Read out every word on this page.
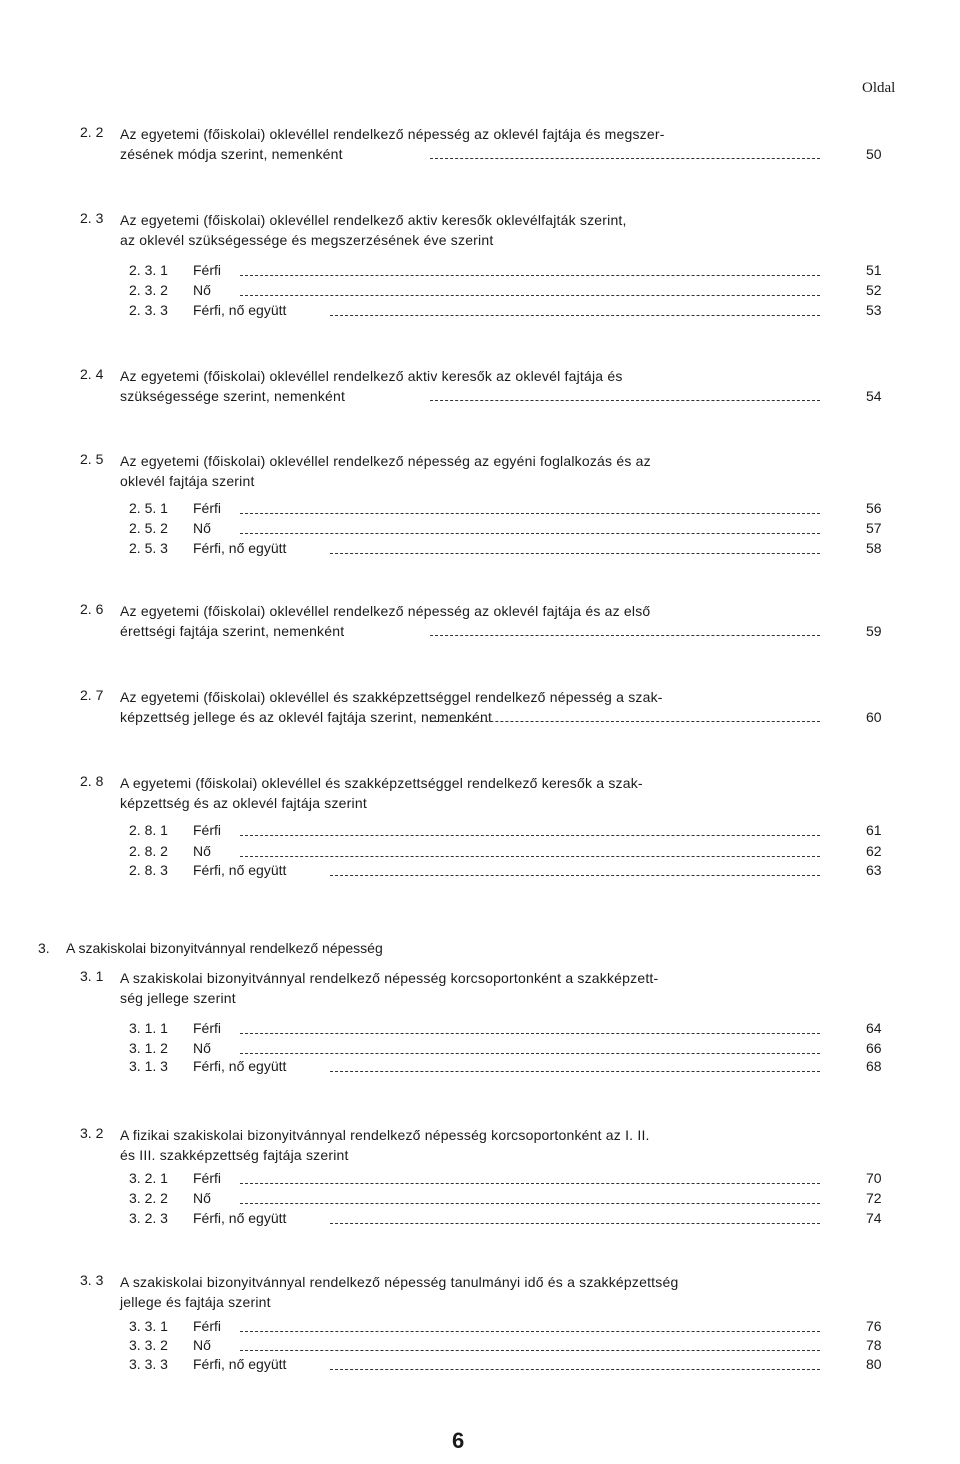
Oldal
2. 2 Az egyetemi (főiskolai) oklevéllel rendelkező népesség az oklevél fajtája és megszer-
zésének módja szerint, nemenként	50
2. 3 Az egyetemi (főiskolai) oklevéllel rendelkező aktiv keresők oklevélfajták szerint,
az oklevél szükségessége és megszerzésének éve szerint
2. 3. 1 Férfi	51
2. 3. 2 Nő	52
2. 3. 3 Férfi, nő együtt	53
2. 4 Az egyetemi (főiskolai) oklevéllel rendelkező aktiv keresők az oklevél fajtája és
szükségessége szerint, nemenként	54
2. 5 Az egyetemi (főiskolai) oklevéllel rendelkező népesség az egyéni foglalkozás és az
oklevél fajtája szerint
2. 5. 1 Férfi	56
2. 5. 2 Nő	57
2. 5. 3 Férfi, nő együtt	58
2. 6 Az egyetemi (főiskolai) oklevéllel rendelkező népesség az oklevél fajtája és az első
érettségi fajtája szerint, nemenként	59
2. 7 Az egyetemi (főiskolai) oklevéllel és szakképzettséggel rendelkező népesség a szak-
képzettség jellege és az oklevél fajtája szerint, nemenként	60
2. 8 A egyetemi (főiskolai) oklevéllel és szakképzettséggel rendelkező keresők a szak-
képzettség és az oklevél fajtája szerint
2. 8. 1 Férfi	61
2. 8. 2 Nő	62
2. 8. 3 Férfi, nő együtt	63
3. A szakiskolai bizonyitvánnyal rendelkező népesség
3. 1 A szakiskolai bizonyitvánnyal rendelkező népesség korcsoportonként a szakképzett-
ség jellege szerint
3. 1. 1 Férfi	64
3. 1. 2 Nő	66
3. 1. 3 Férfi, nő együtt	68
3. 2 A fizikai szakiskolai bizonyitvánnyal rendelkező népesség korcsoportonként az I. II.
és III. szakképzettség fajtája szerint
3. 2. 1 Férfi	70
3. 2. 2 Nő	72
3. 2. 3 Férfi, nő együtt	74
3. 3 A szakiskolai bizonyitvánnyal rendelkező népesség tanulmányi idő és a szakképzettség
jellege és fajtája szerint
3. 3. 1 Férfi	76
3. 3. 2 Nő	78
3. 3. 3 Férfi, nő együtt	80
6
